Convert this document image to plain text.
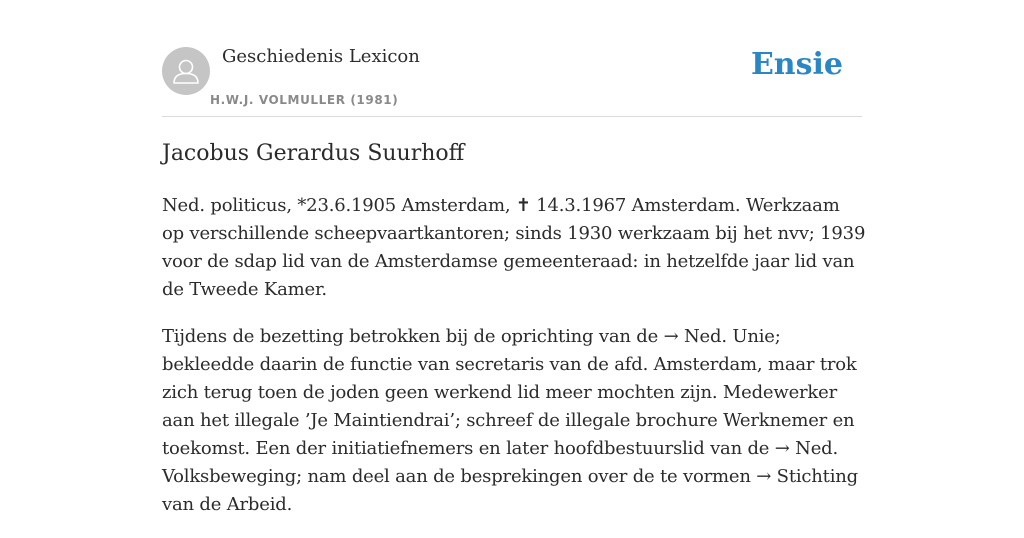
Geschiedenis Lexicon
H.W.J. VOLMULLER (1981)
Ensie
Jacobus Gerardus Suurhoff

Ned. politicus, *23.6.1905 Amsterdam, ✝ 14.3.1967 Amsterdam. Werkzaam op verschillende scheepvaartkantoren; sinds 1930 werkzaam bij het nvv; 1939 voor de sdap lid van de Amsterdamse gemeenteraad: in hetzelfde jaar lid van de Tweede Kamer.

Tijdens de bezetting betrokken bij de oprichting van de → Ned. Unie; bekleedde daarin de functie van secretaris van de afd. Amsterdam, maar trok zich terug toen de joden geen werkend lid meer mochten zijn. Medewerker aan het illegale ’Je Maintiendrai’; schreef de illegale brochure Werknemer en toekomst. Een der initiatiefnemers en later hoofdbestuurslid van de → Ned. Volksbeweging; nam deel aan de besprekingen over de te vormen → Stichting van de Arbeid.
